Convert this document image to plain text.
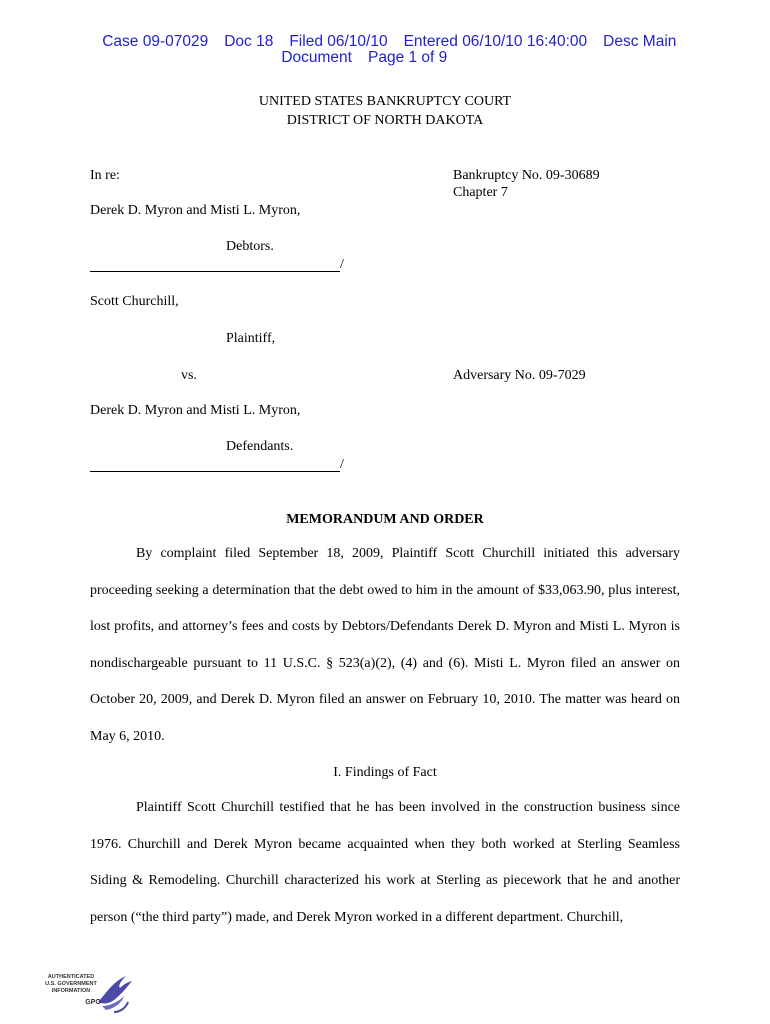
Case 09-07029 Doc 18 Filed 06/10/10 Entered 06/10/10 16:40:00 Desc Main

Document Page 1 of 9

UNITED STATES BANKRUPTCY COURT
DISTRICT OF NORTH DAKOTA
In re:	Bankruptcy No. 09-30689
Chapter 7
Derek D. Myron and Misti L. Myron,
Debtors.
/
Scott Churchill,
Plaintiff,
vs.	Adversary No. 09-7029
Derek D. Myron and Misti L. Myron,
Defendants.
/
MEMORANDUM AND ORDER
By complaint filed September 18, 2009, Plaintiff Scott Churchill initiated this adversary proceeding seeking a determination that the debt owed to him in the amount of $33,063.90, plus interest, lost profits, and attorney’s fees and costs by Debtors/Defendants Derek D. Myron and Misti L. Myron is nondischargeable pursuant to 11 U.S.C. § 523(a)(2), (4) and (6). Misti L. Myron filed an answer on October 20, 2009, and Derek D. Myron filed an answer on February 10, 2010. The matter was heard on May 6, 2010.
I. Findings of Fact
Plaintiff Scott Churchill testified that he has been involved in the construction business since 1976. Churchill and Derek Myron became acquainted when they both worked at Sterling Seamless Siding & Remodeling. Churchill characterized his work at Sterling as piecework that he and another person (“the third party”) made, and Derek Myron worked in a different department. Churchill,
AUTHENTICATED
U.S. GOVERNMENT
INFORMATION
GPO
